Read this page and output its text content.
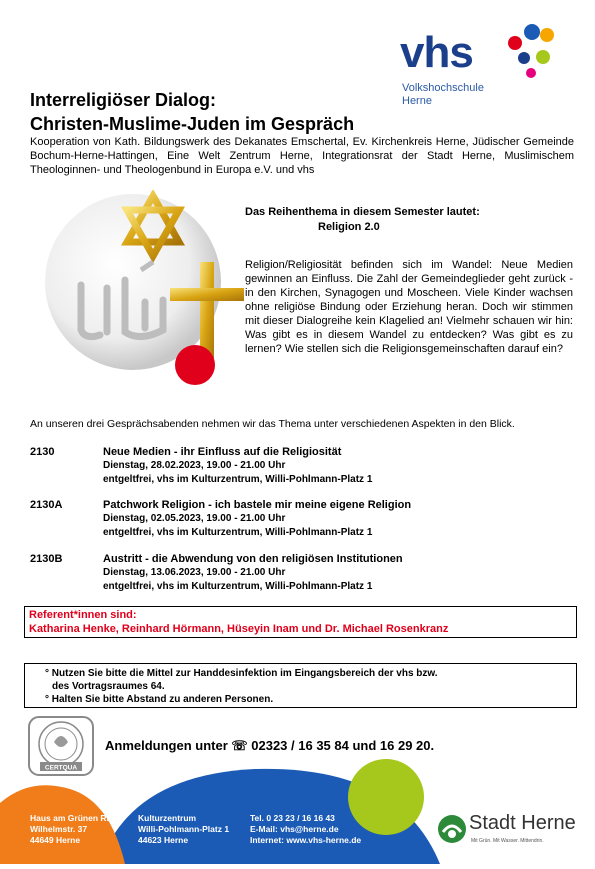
vhs
Volkshochschule
Herne
Interreligiöser Dialog:
Christen-Muslime-Juden im Gespräch
Kooperation von Kath. Bildungswerk des Dekanates Emschertal, Ev. Kirchenkreis Herne, Jüdischer Gemeinde Bochum-Herne-Hattingen, Eine Welt Zentrum Herne, Integrationsrat der Stadt Herne, Muslimischem Theologinnen- und Theologenbund in Europa e.V. und vhs
Das Reihenthema in diesem Semester lautet:
Religion 2.0
Religion/Religiosität befinden sich im Wandel: Neue Medien gewinnen an Einfluss. Die Zahl der Gemeindeglieder geht zurück - in den Kirchen, Synagogen und Moscheen. Viele Kinder wachsen ohne religiöse Bindung oder Erziehung heran. Doch wir stimmen mit dieser Dialogreihe kein Klagelied an! Vielmehr schauen wir hin: Was gibt es in diesem Wandel zu entdecken? Was gibt es zu lernen? Wie stellen sich die Religionsgemeinschaften darauf ein?
An unseren drei Gesprächsabenden nehmen wir das Thema unter verschiedenen Aspekten in den Blick.
2130	Neue Medien - ihr Einfluss auf die Religiosität
Dienstag, 28.02.2023, 19.00 - 21.00 Uhr
entgeltfrei, vhs im Kulturzentrum, Willi-Pohlmann-Platz 1
2130A	Patchwork Religion - ich bastele mir meine eigene Religion
Dienstag, 02.05.2023, 19.00 - 21.00 Uhr
entgeltfrei, vhs im Kulturzentrum, Willi-Pohlmann-Platz 1
2130B	Austritt - die Abwendung von den religiösen Institutionen
Dienstag, 13.06.2023, 19.00 - 21.00 Uhr
entgeltfrei, vhs im Kulturzentrum, Willi-Pohlmann-Platz 1
Referent*innen sind:
Katharina Henke, Reinhard Hörmann, Hüseyin Inam und Dr. Michael Rosenkranz
° Nutzen Sie bitte die Mittel zur Handdesinfektion im Eingangsbereich der vhs bzw.
des Vortragsraumes 64.
° Halten Sie bitte Abstand zu anderen Personen.
CERTQUA
Anmeldungen unter ☏ 02323 / 16 35 84 und 16 29 20.
Haus am Grünen Ring
Wilhelmstr. 37
44649 Herne
Kulturzentrum
Willi-Pohlmann-Platz 1
44623 Herne
Tel. 0 23 23 / 16 16 43
E-Mail: vhs@herne.de
Internet: www.vhs-herne.de
Stadt Herne
Mit Grün. Mit Wasser. Mittendrin.
